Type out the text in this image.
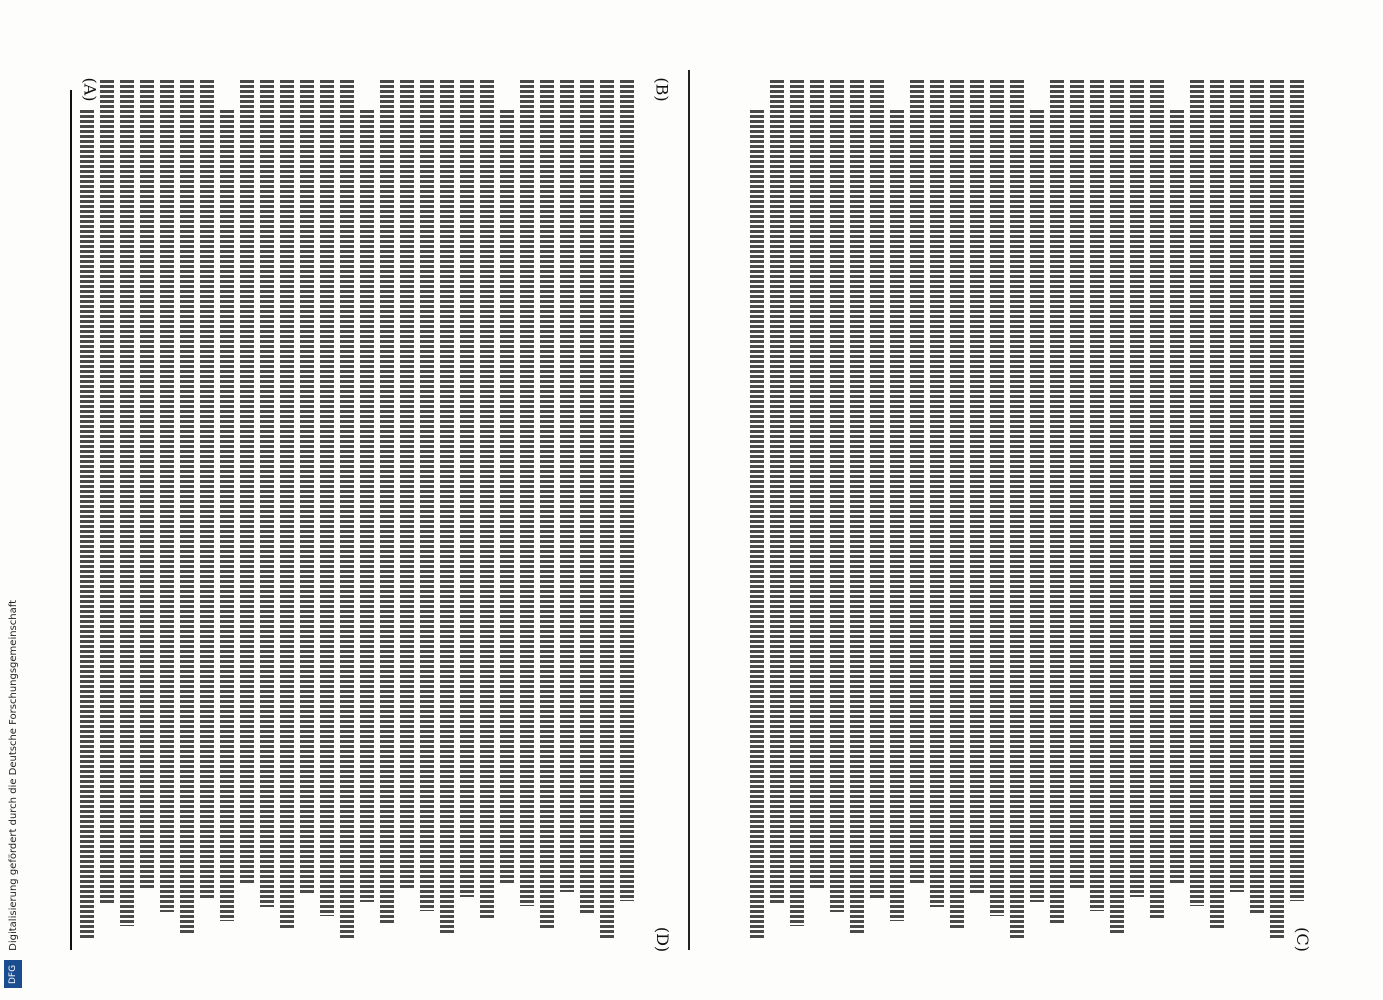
(A)	(B)
(C)
(D)
Digitalisierung gefördert durch die Deutsche Forschungsgemeinschaft
DFG
